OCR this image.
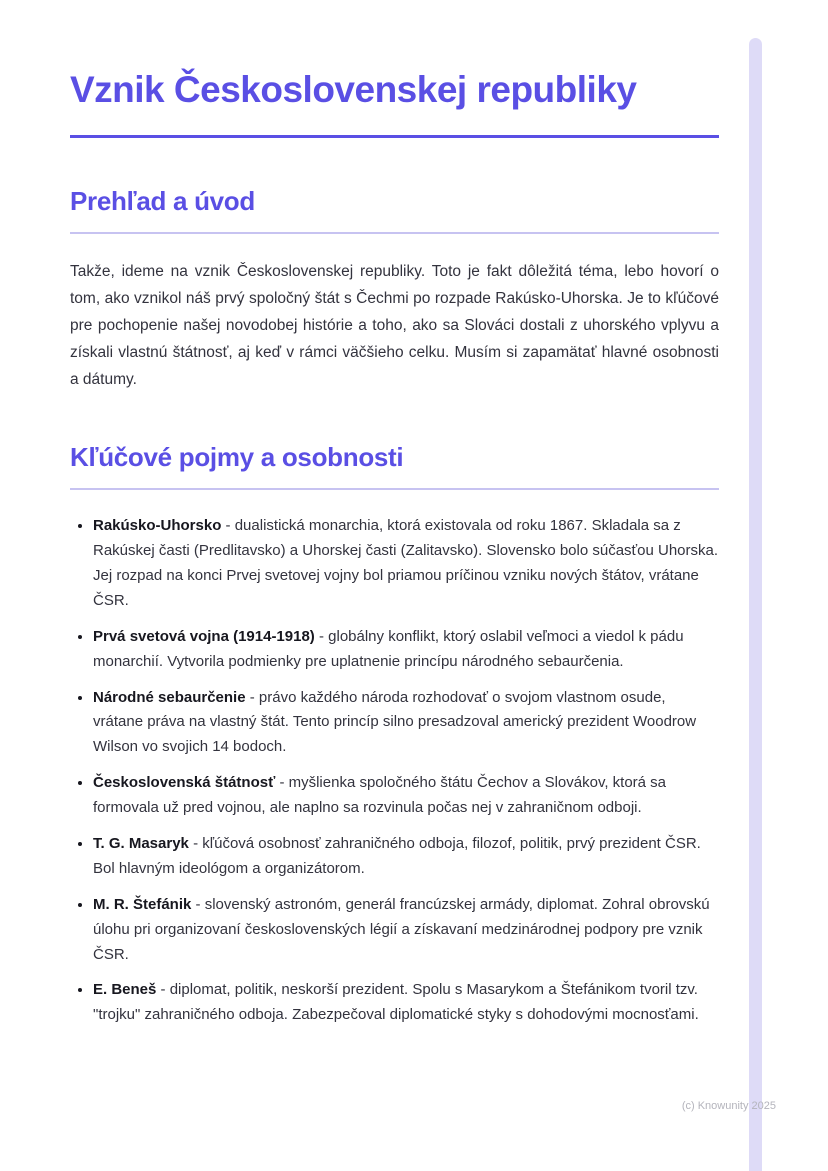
Vznik Československej republiky
Prehľad a úvod

Takže, ideme na vznik Československej republiky. Toto je fakt dôležitá téma, lebo hovorí o tom, ako vznikol náš prvý spoločný štát s Čechmi po rozpade Rakúsko-Uhorska. Je to kľúčové pre pochopenie našej novodobej histórie a toho, ako sa Slováci dostali z uhorského vplyvu a získali vlastnú štátnosť, aj keď v rámci väčšieho celku. Musím si zapamätať hlavné osobnosti a dátumy.

Kľúčové pojmy a osobnosti
• Rakúsko-Uhorsko - dualistická monarchia, ktorá existovala od roku 1867. Skladala sa z Rakúskej časti (Predlitavsko) a Uhorskej časti (Zalitavsko). Slovensko bolo súčasťou Uhorska. Jej rozpad na konci Prvej svetovej vojny bol priamou príčinou vzniku nových štátov, vrátane ČSR.
• Prvá svetová vojna (1914-1918) - globálny konflikt, ktorý oslabil veľmoci a viedol k pádu monarchií. Vytvorila podmienky pre uplatnenie princípu národného sebaurčenia.
• Národné sebaurčenie - právo každého národa rozhodovať o svojom vlastnom osude, vrátane práva na vlastný štát. Tento princíp silno presadzoval americký prezident Woodrow Wilson vo svojich 14 bodoch.
• Československá štátnosť - myšlienka spoločného štátu Čechov a Slovákov, ktorá sa formovala už pred vojnou, ale naplno sa rozvinula počas nej v zahraničnom odboji.
• T. G. Masaryk - kľúčová osobnosť zahraničného odboja, filozof, politik, prvý prezident ČSR. Bol hlavným ideológom a organizátorom.
• M. R. Štefánik - slovenský astronóm, generál francúzskej armády, diplomat. Zohral obrovskú úlohu pri organizovaní československých légií a získavaní medzinárodnej podpory pre vznik ČSR.
• E. Beneš - diplomat, politik, neskorší prezident. Spolu s Masarykom a Štefánikom tvoril tzv. "trojku" zahraničného odboja. Zabezpečoval diplomatické styky s dohodovými mocnosťami.
(c) Knowunity 2025
